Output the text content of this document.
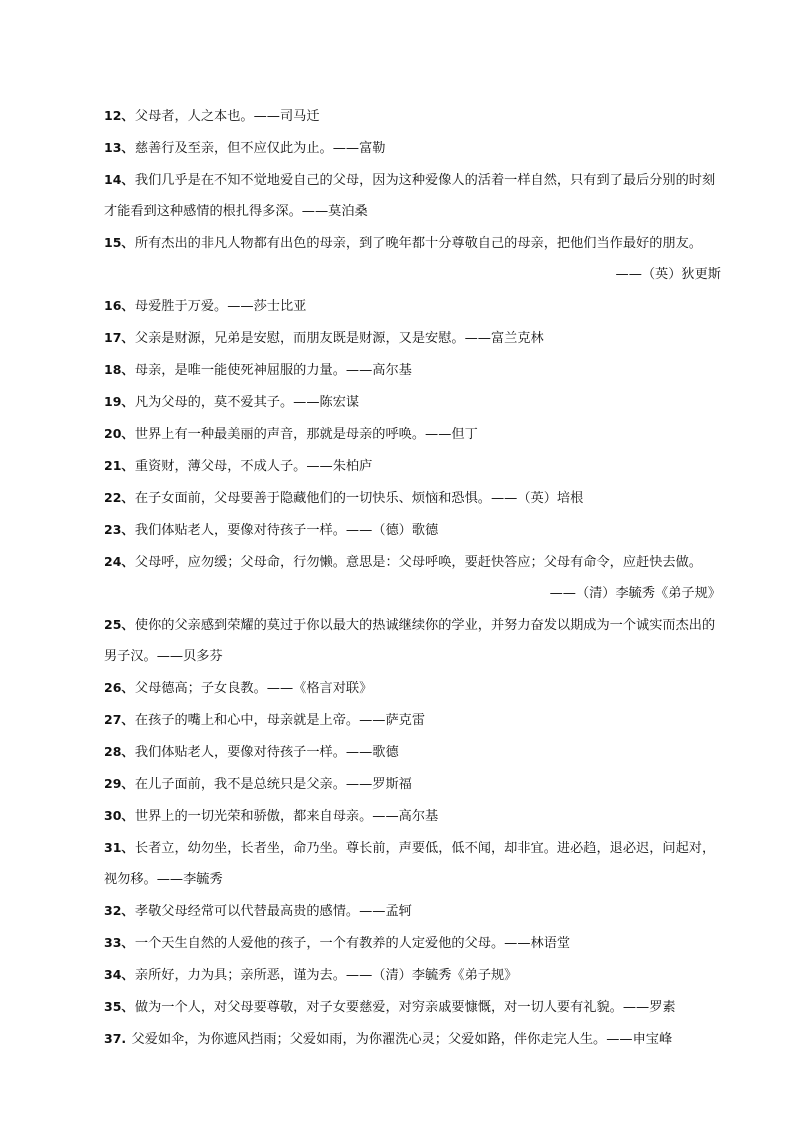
12、父母者，人之本也。——司马迁

13、慈善行及至亲，但不应仅此为止。——富勒

14、我们几乎是在不知不觉地爱自己的父母，因为这种爱像人的活着一样自然，只有到了最后分别的时刻才能看到这种感情的根扎得多深。——莫泊桑

15、所有杰出的非凡人物都有出色的母亲，到了晚年都十分尊敬自己的母亲，把他们当作最好的朋友。
——（英）狄更斯

16、母爱胜于万爱。——莎士比亚

17、父亲是财源，兄弟是安慰，而朋友既是财源，又是安慰。——富兰克林

18、母亲，是唯一能使死神屈服的力量。——高尔基

19、凡为父母的，莫不爱其子。——陈宏谋

20、世界上有一种最美丽的声音，那就是母亲的呼唤。——但丁

21、重资财，薄父母，不成人子。——朱柏庐

22、在子女面前，父母要善于隐藏他们的一切快乐、烦恼和恐惧。——（英）培根

23、我们体贴老人，要像对待孩子一样。——（德）歌德

24、父母呼，应勿缓；父母命，行勿懒。意思是：父母呼唤，要赶快答应；父母有命令，应赶快去做。
——（清）李毓秀《弟子规》

25、使你的父亲感到荣耀的莫过于你以最大的热诚继续你的学业，并努力奋发以期成为一个诚实而杰出的男子汉。——贝多芬

26、父母德高；子女良教。——《格言对联》

27、在孩子的嘴上和心中，母亲就是上帝。——萨克雷

28、我们体贴老人，要像对待孩子一样。——歌德

29、在儿子面前，我不是总统只是父亲。——罗斯福

30、世界上的一切光荣和骄傲，都来自母亲。——高尔基

31、长者立，幼勿坐，长者坐，命乃坐。尊长前，声要低，低不闻，却非宜。进必趋，退必迟，问起对，视勿移。——李毓秀

32、孝敬父母经常可以代替最高贵的感情。——孟轲

33、一个天生自然的人爱他的孩子，一个有教养的人定爱他的父母。——林语堂

34、亲所好，力为具；亲所恶，谨为去。——（清）李毓秀《弟子规》

35、做为一个人，对父母要尊敬，对子女要慈爱，对穷亲戚要慷慨，对一切人要有礼貌。——罗素

37. 父爱如伞，为你遮风挡雨；父爱如雨，为你濯洗心灵；父爱如路，伴你走完人生。——申宝峰
